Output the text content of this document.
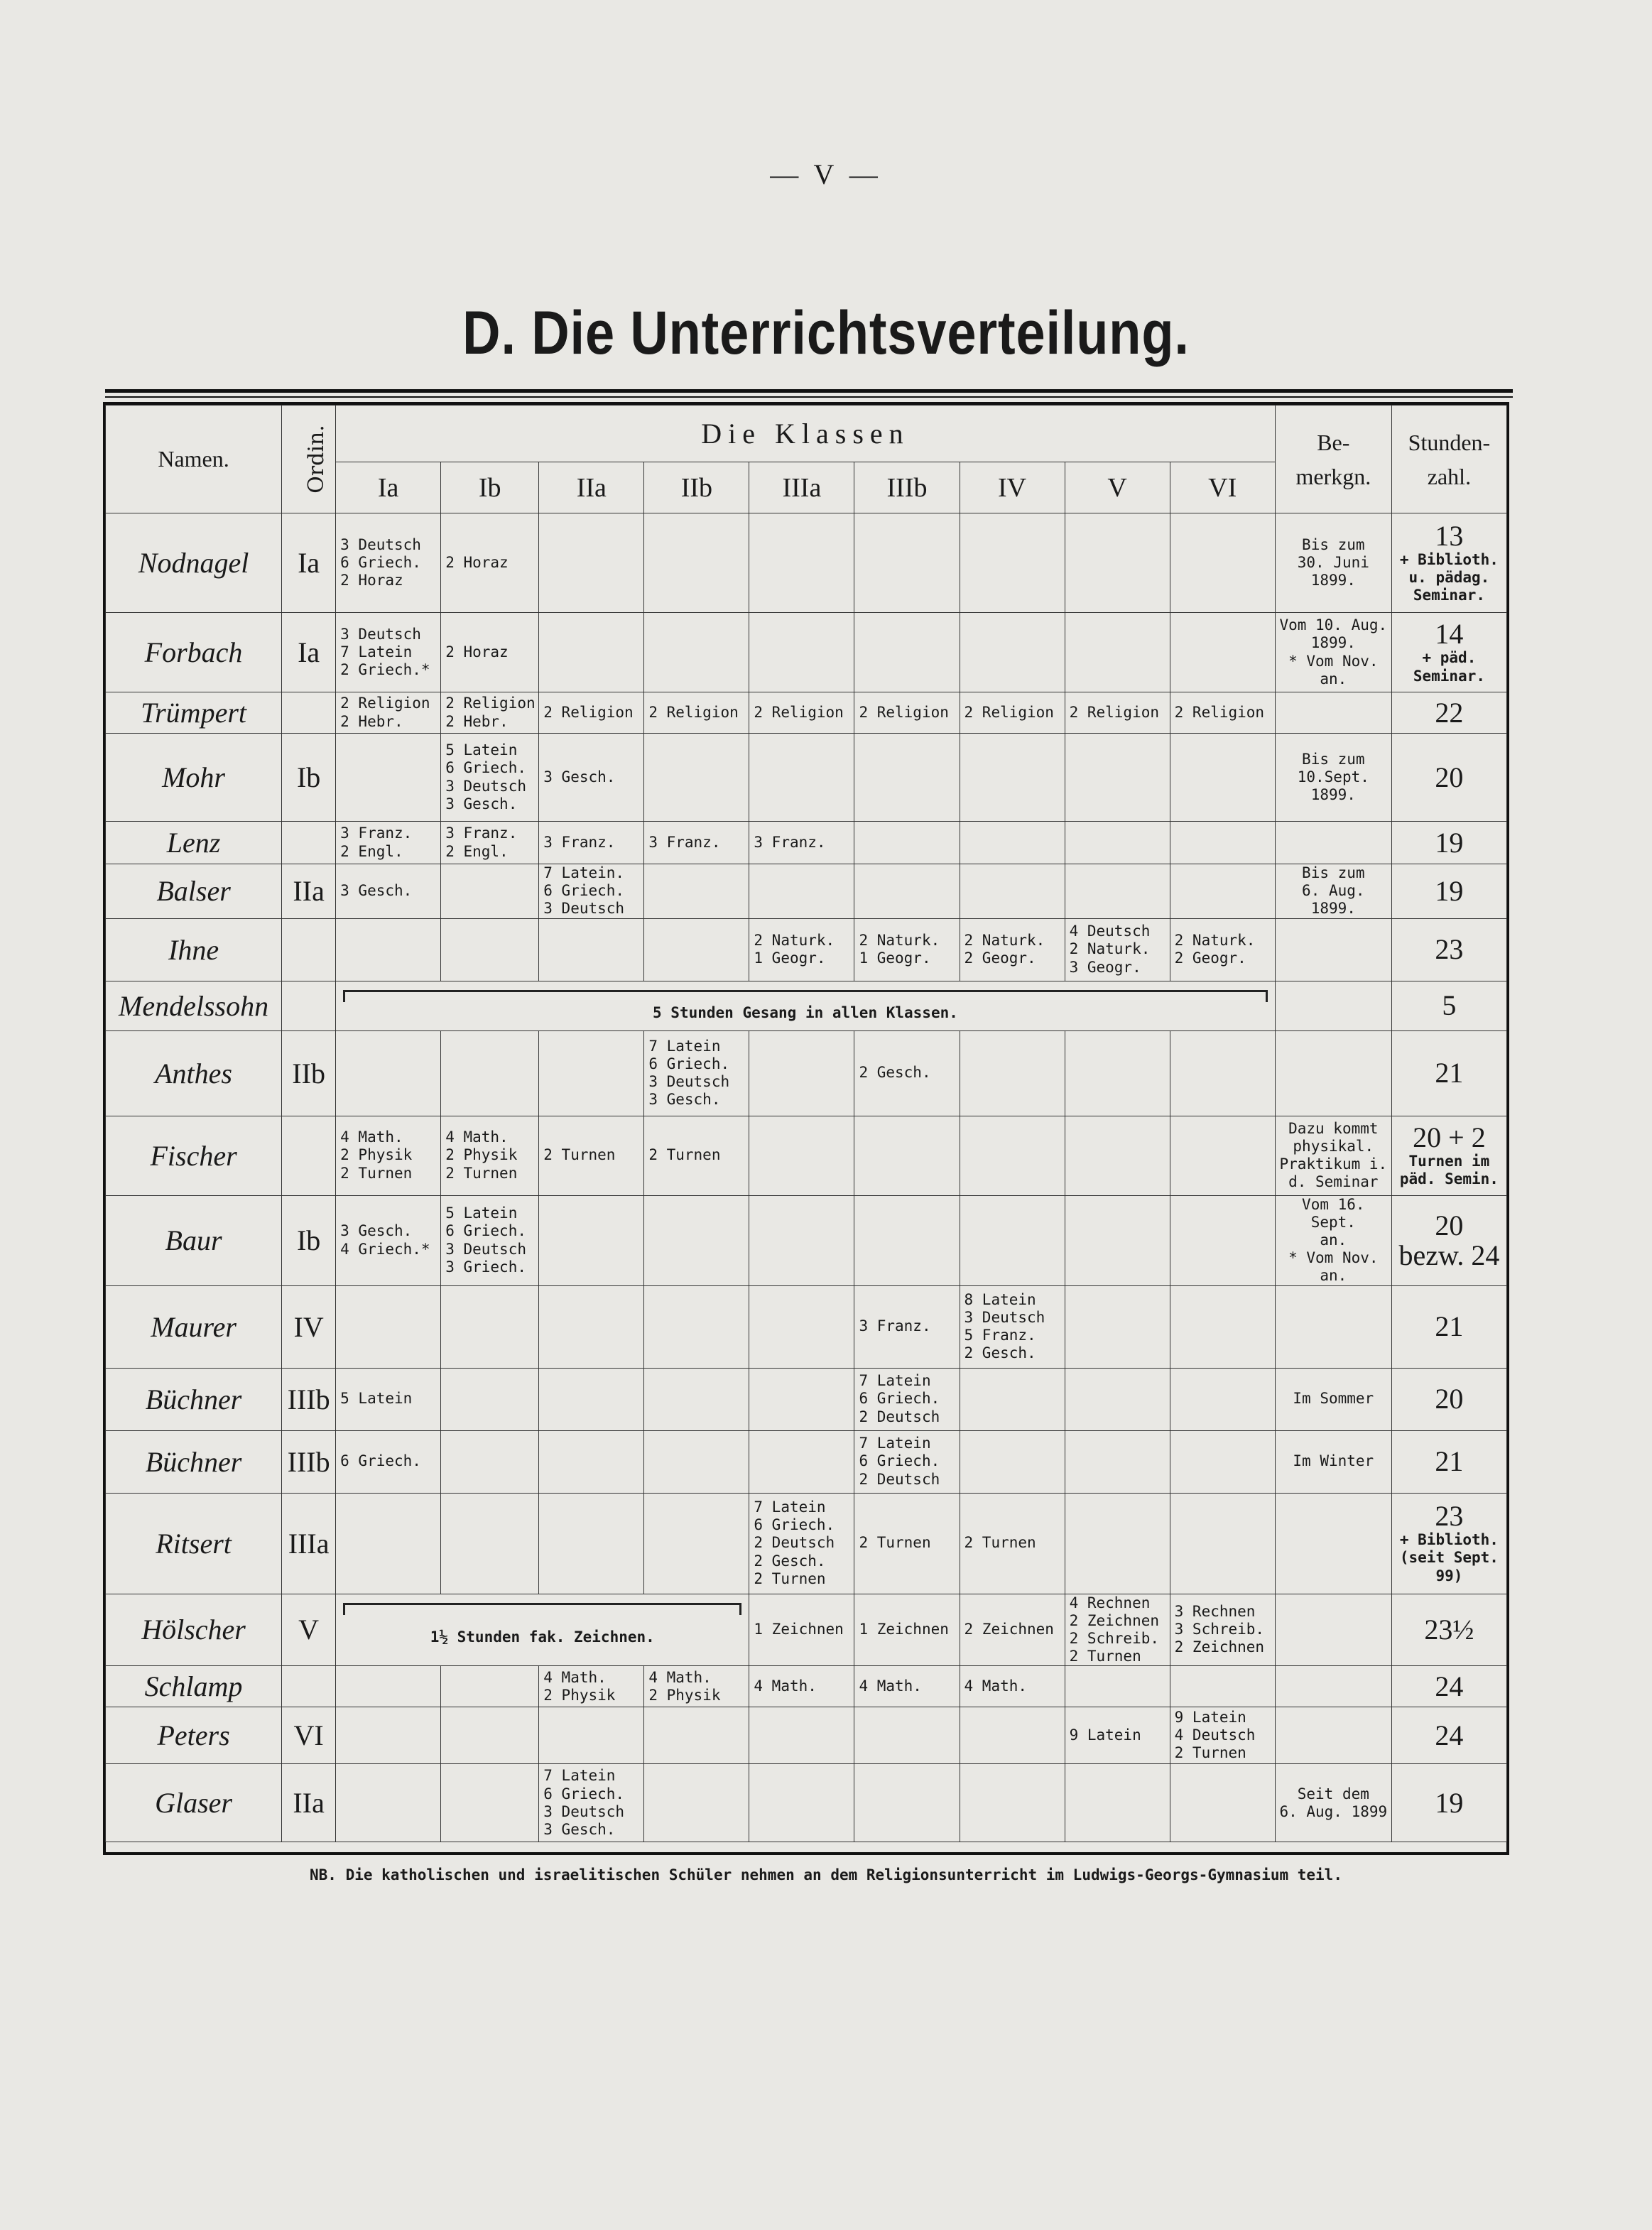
— V —
D. Die Unterrichtsverteilung.
Namen.	Ordin.	Die Klassen									Be-
merkgn.	Stunden-
zahl.
		Ia	Ib	IIa	IIb	IIIa	IIIb	IV	V	VI		
Nodnagel	Ia	3 Deutsch
6 Griech.
2 Horaz	2 Horaz								Bis zum
30. Juni 1899.	13
+ Biblioth.
u. pädag.
Seminar.

Forbach	Ia	3 Deutsch
7 Latein
2 Griech.*	2 Horaz								Vom 10. Aug.
1899.
* Vom Nov.
an.	14
+ päd.
Seminar.

Trümpert		2 Religion
2 Hebr.	2 Religion
2 Hebr.	2 Religion	2 Religion	2 Religion	2 Religion	2 Religion	2 Religion	2 Religion		22

Mohr	Ib		5 Latein
6 Griech.
3 Deutsch
3 Gesch.	3 Gesch.							Bis zum
10.Sept. 1899.	20

Lenz		3 Franz.
2 Engl.	3 Franz.
2 Engl.	3 Franz.	3 Franz.	3 Franz.						19

Balser	IIa	3 Gesch.		7 Latein.
6 Griech.
3 Deutsch							Bis zum
6. Aug. 1899.	19

Ihne						2 Naturk.
1 Geogr.	2 Naturk.
1 Geogr.	2 Naturk.
2 Geogr.	4 Deutsch
2 Naturk.
3 Geogr.	2 Naturk.
2 Geogr.		23

Mendelssohn		5 Stunden Gesang in allen Klassen.										5

Anthes	IIb				7 Latein
6 Griech.
3 Deutsch
3 Gesch.		2 Gesch.					21

Fischer		4 Math.
2 Physik
2 Turnen	4 Math.
2 Physik
2 Turnen	2 Turnen	2 Turnen						Dazu kommt
physikal.
Praktikum i.
d. Seminar	20 + 2
Turnen im
päd. Semin.

Baur	Ib	3 Gesch.
4 Griech.*	5 Latein
6 Griech.
3 Deutsch
3 Griech.								Vom 16. Sept.
an.
* Vom Nov.
an.	20
bezw. 24

Maurer	IV						3 Franz.	8 Latein
3 Deutsch
5 Franz.
2 Gesch.				21

Büchner	IIIb	5 Latein					7 Latein
6 Griech.
2 Deutsch				Im Sommer	20

Büchner	IIIb	6 Griech.					7 Latein
6 Griech.
2 Deutsch				Im Winter	21

Ritsert	IIIa					7 Latein
6 Griech.
2 Deutsch
2 Gesch.
2 Turnen	2 Turnen	2 Turnen				23
+ Biblioth.
(seit Sept. 99)

Hölscher	V	1½ Stunden fak. Zeichnen.				1 Zeichnen	1 Zeichnen	2 Zeichnen	4 Rechnen
2 Zeichnen
2 Schreib.
2 Turnen	3 Rechnen
3 Schreib.
2 Zeichnen		23½

Schlamp				4 Math.
2 Physik	4 Math.
2 Physik	4 Math.	4 Math.	4 Math.				24

Peters	VI								9 Latein	9 Latein
4 Deutsch
2 Turnen		24

Glaser	IIa			7 Latein
6 Griech.
3 Deutsch
3 Gesch.							Seit dem
6. Aug. 1899	19
NB. Die katholischen und israelitischen Schüler nehmen an dem Religionsunterricht im Ludwigs-Georgs-Gymnasium teil.
